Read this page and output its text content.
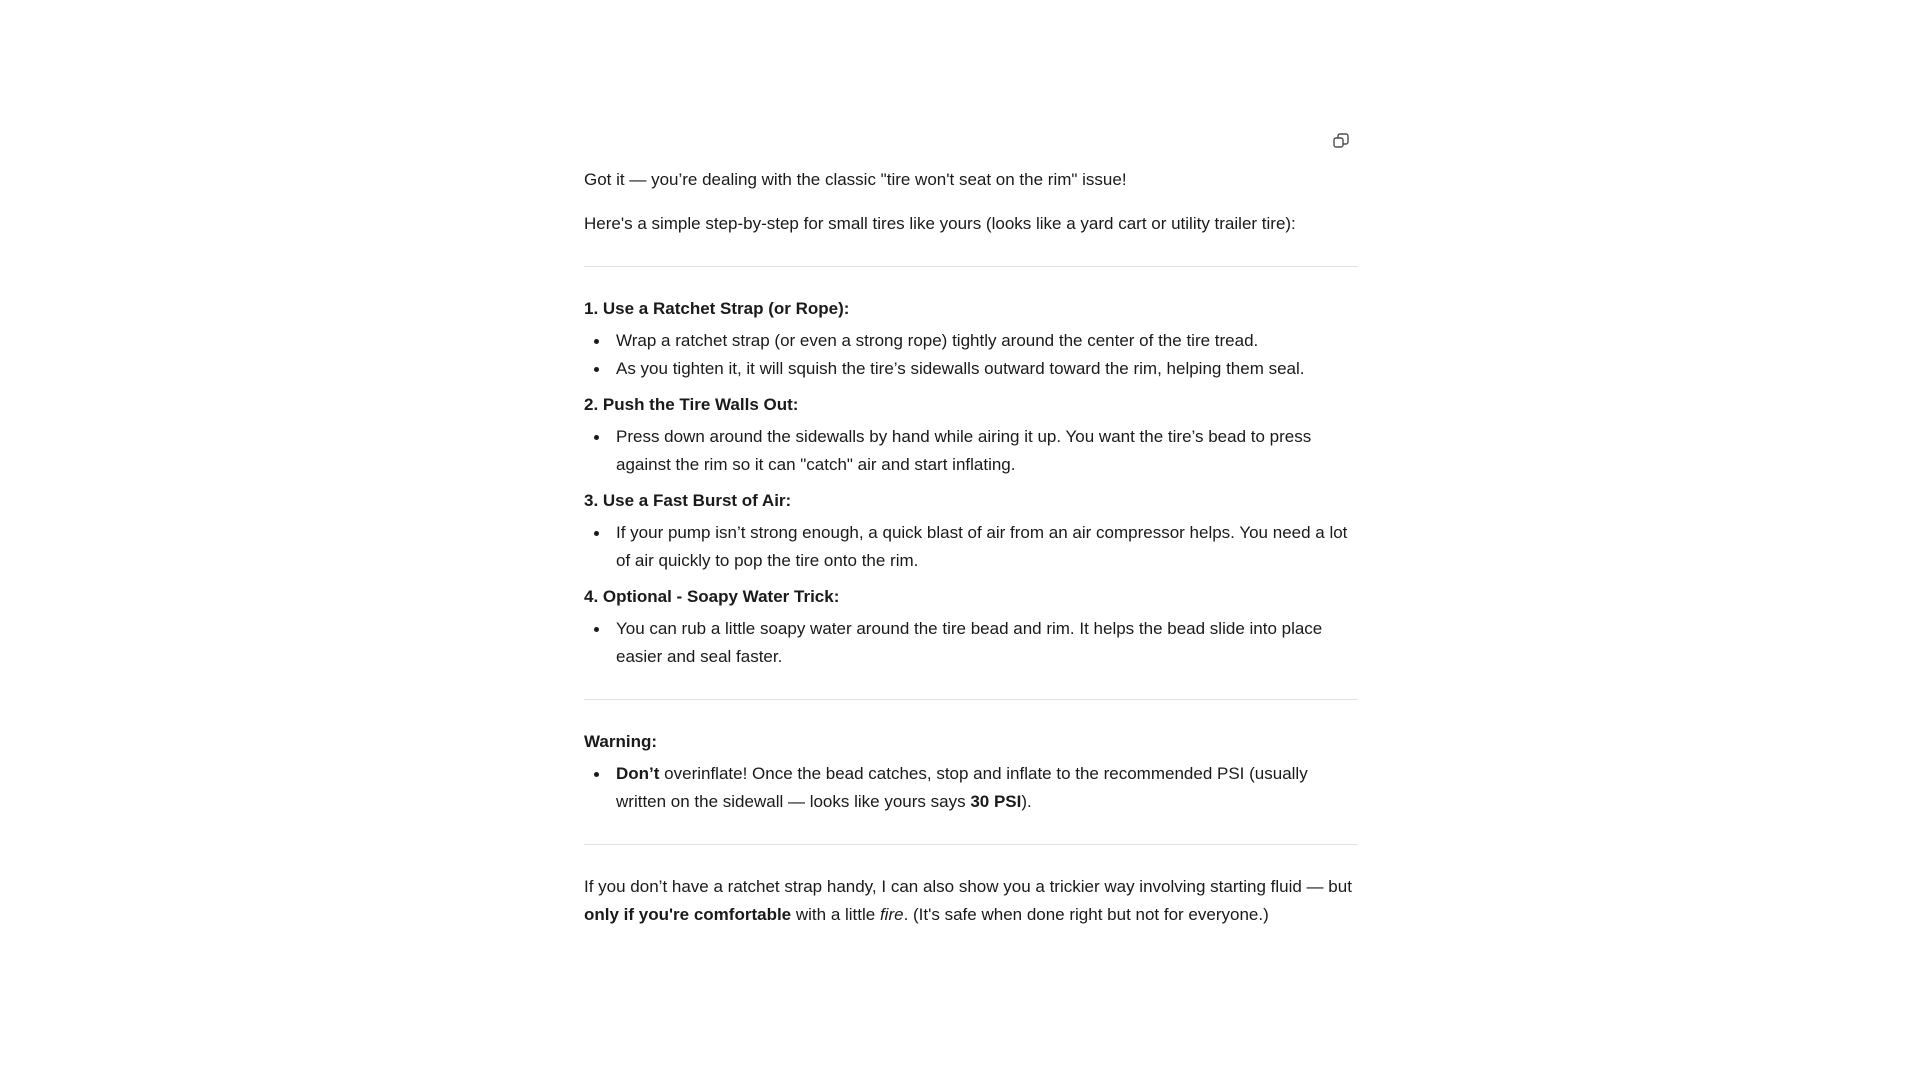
Got it — you’re dealing with the classic "tire won't seat on the rim" issue!

Here's a simple step-by-step for small tires like yours (looks like a yard cart or utility trailer tire):

1. Use a Ratchet Strap (or Rope):
Wrap a ratchet strap (or even a strong rope) tightly around the center of the tire tread.
As you tighten it, it will squish the tire’s sidewalls outward toward the rim, helping them seal.
2. Push the Tire Walls Out:
Press down around the sidewalls by hand while airing it up. You want the tire’s bead to press against the rim so it can "catch" air and start inflating.
3. Use a Fast Burst of Air:
If your pump isn’t strong enough, a quick blast of air from an air compressor helps. You need a lot of air quickly to pop the tire onto the rim.
4. Optional - Soapy Water Trick:
You can rub a little soapy water around the tire bead and rim. It helps the bead slide into place easier and seal faster.
Warning:
Don’t overinflate! Once the bead catches, stop and inflate to the recommended PSI (usually written on the sidewall — looks like yours says 30 PSI).

If you don’t have a ratchet strap handy, I can also show you a trickier way involving starting fluid — but only if you're comfortable with a little fire. (It's safe when done right but not for everyone.)
